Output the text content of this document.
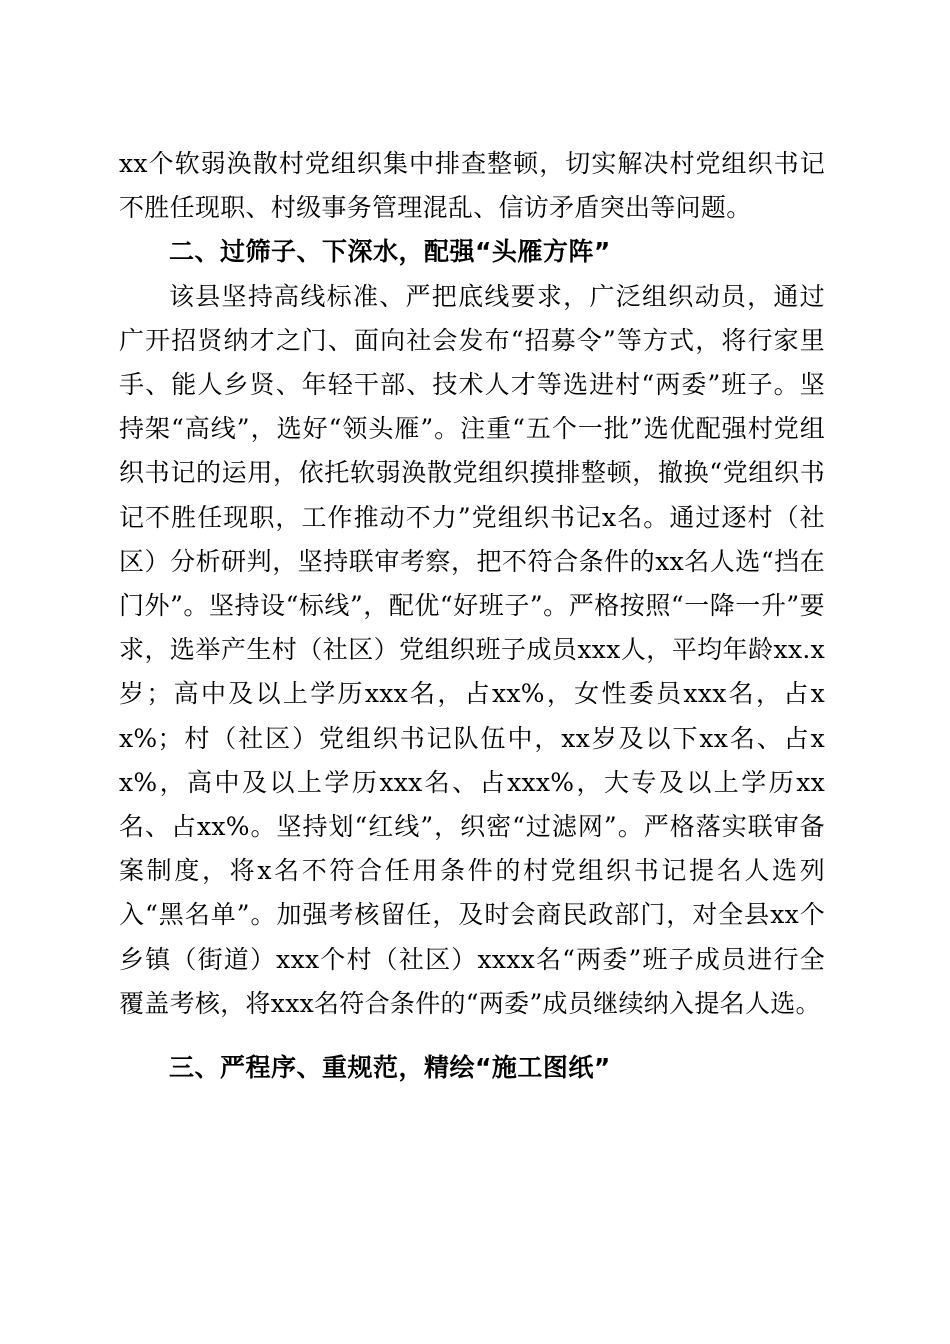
xx个软弱涣散村党组织集中排查整顿，切实解决村党组织书记不胜任现职、村级事务管理混乱、信访矛盾突出等问题。

二、过筛子、下深水，配强“头雁方阵”

该县坚持高线标准、严把底线要求，广泛组织动员，通过广开招贤纳才之门、面向社会发布“招募令”等方式，将行家里手、能人乡贤、年轻干部、技术人才等选进村“两委”班子。坚持架“高线”，选好“领头雁”。注重“五个一批”选优配强村党组织书记的运用，依托软弱涣散党组织摸排整顿，撤换“党组织书记不胜任现职，工作推动不力”党组织书记x名。通过逐村（社区）分析研判，坚持联审考察，把不符合条件的xx名人选“挡在门外”。坚持设“标线”，配优“好班子”。严格按照“一降一升”要求，选举产生村（社区）党组织班子成员xxx人，平均年龄xx.x岁；高中及以上学历xxx名，占xx%，女性委员xxx名，占xx%；村（社区）党组织书记队伍中，xx岁及以下xx名、占xx%，高中及以上学历xxx名、占xxx%，大专及以上学历xx名、占xx%。坚持划“红线”，织密“过滤网”。严格落实联审备案制度，将x名不符合任用条件的村党组织书记提名人选列入“黑名单”。加强考核留任，及时会商民政部门，对全县xx个乡镇（街道）xxx个村（社区）xxxx名“两委”班子成员进行全覆盖考核，将xxx名符合条件的“两委”成员继续纳入提名人选。

三、严程序、重规范，精绘“施工图纸”
